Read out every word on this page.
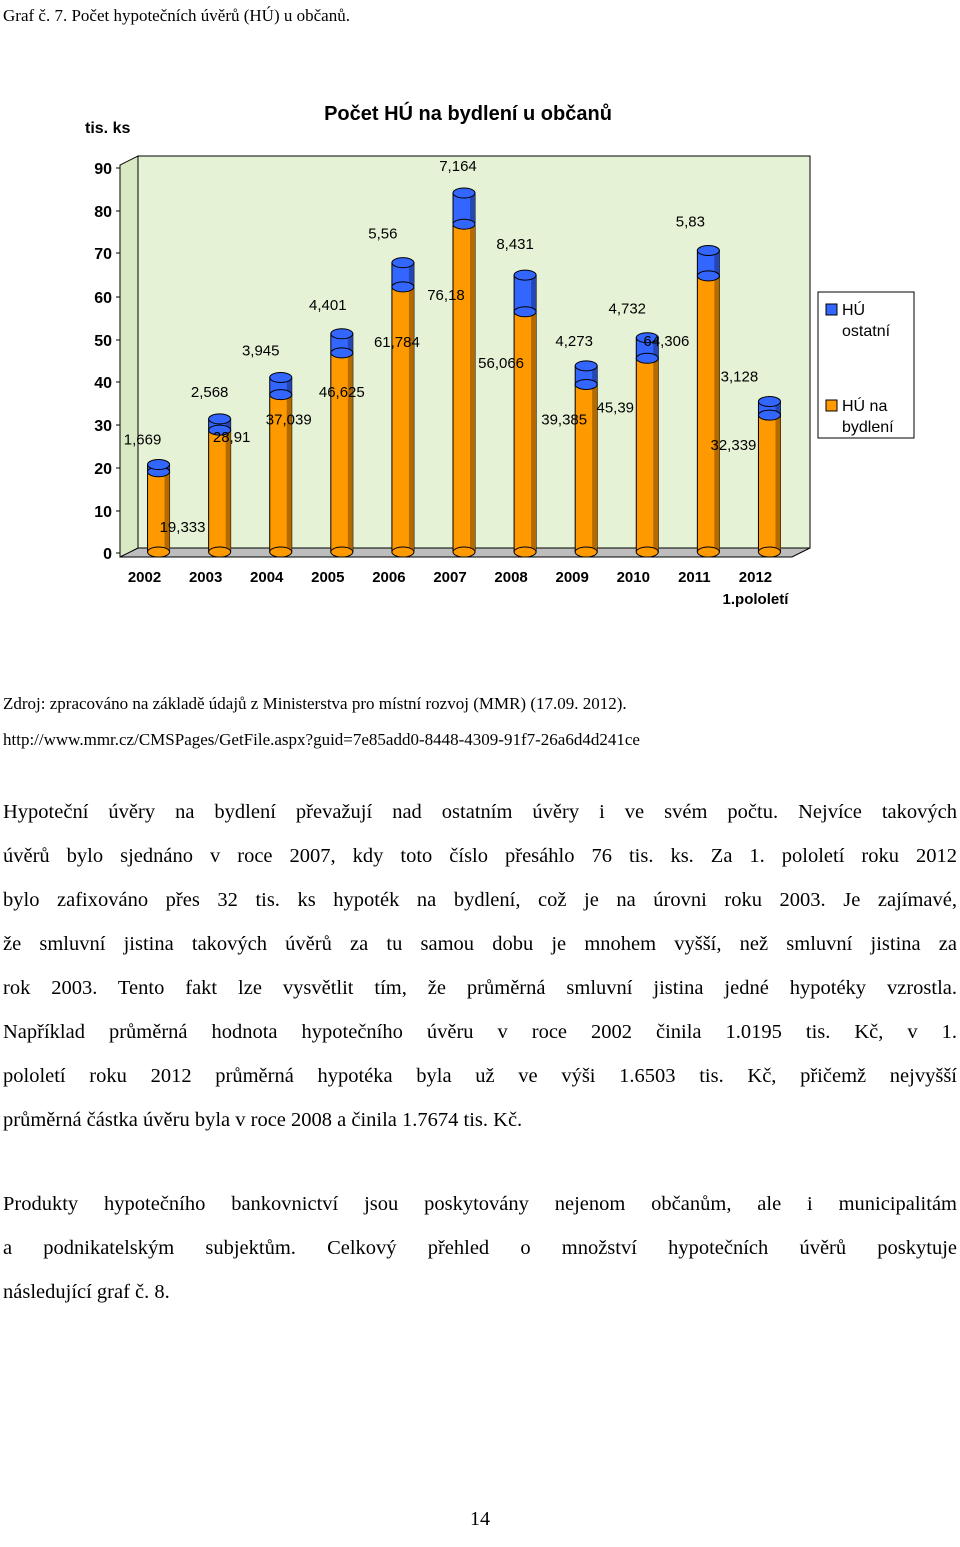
Graf č. 7. Počet hypotečních úvěrů (HÚ) u občanů.
Počet HÚ na bydlení u občanů
tis. ks
0
10
20
30
40
50
60
70
80
90
HÚ
ostatní
HÚ na
bydlení
19,333
1,669
2002
28,91
2,568
2003
37,039
3,945
2004
46,625
4,401
2005
61,784
5,56
2006
76,18
7,164
2007
56,066
8,431
2008
39,385
4,273
2009
45,39
4,732
2010
64,306
5,83
2011
32,339
3,128
2012
1.pololetí
Zdroj: zpracováno na základě údajů z Ministerstva pro místní rozvoj (MMR) (17.09. 2012).
http://www.mmr.cz/CMSPages/GetFile.aspx?guid=7e85add0-8448-4309-91f7-26a6d4d241ce
Hypoteční úvěry na bydlení převažují nad ostatním úvěry i ve svém počtu. Nejvíce takových
úvěrů bylo sjednáno v roce 2007, kdy toto číslo přesáhlo 76 tis. ks. Za 1. pololetí roku 2012
bylo zafixováno přes 32 tis. ks hypoték na bydlení, což je na úrovni roku 2003. Je zajímavé,
že smluvní jistina takových úvěrů za tu samou dobu je mnohem vyšší, než smluvní jistina za
rok 2003. Tento fakt lze vysvětlit tím, že průměrná smluvní jistina jedné hypotéky vzrostla.
Například průměrná hodnota hypotečního úvěru v roce 2002 činila 1.0195 tis. Kč, v 1.
pololetí roku 2012 průměrná hypotéka byla už ve výši 1.6503 tis. Kč, přičemž nejvyšší
průměrná částka úvěru byla v roce 2008 a činila 1.7674 tis. Kč.
Produkty hypotečního bankovnictví jsou poskytovány nejenom občanům, ale i municipalitám
a podnikatelským subjektům. Celkový přehled o množství hypotečních úvěrů poskytuje
následující graf č. 8.
14
